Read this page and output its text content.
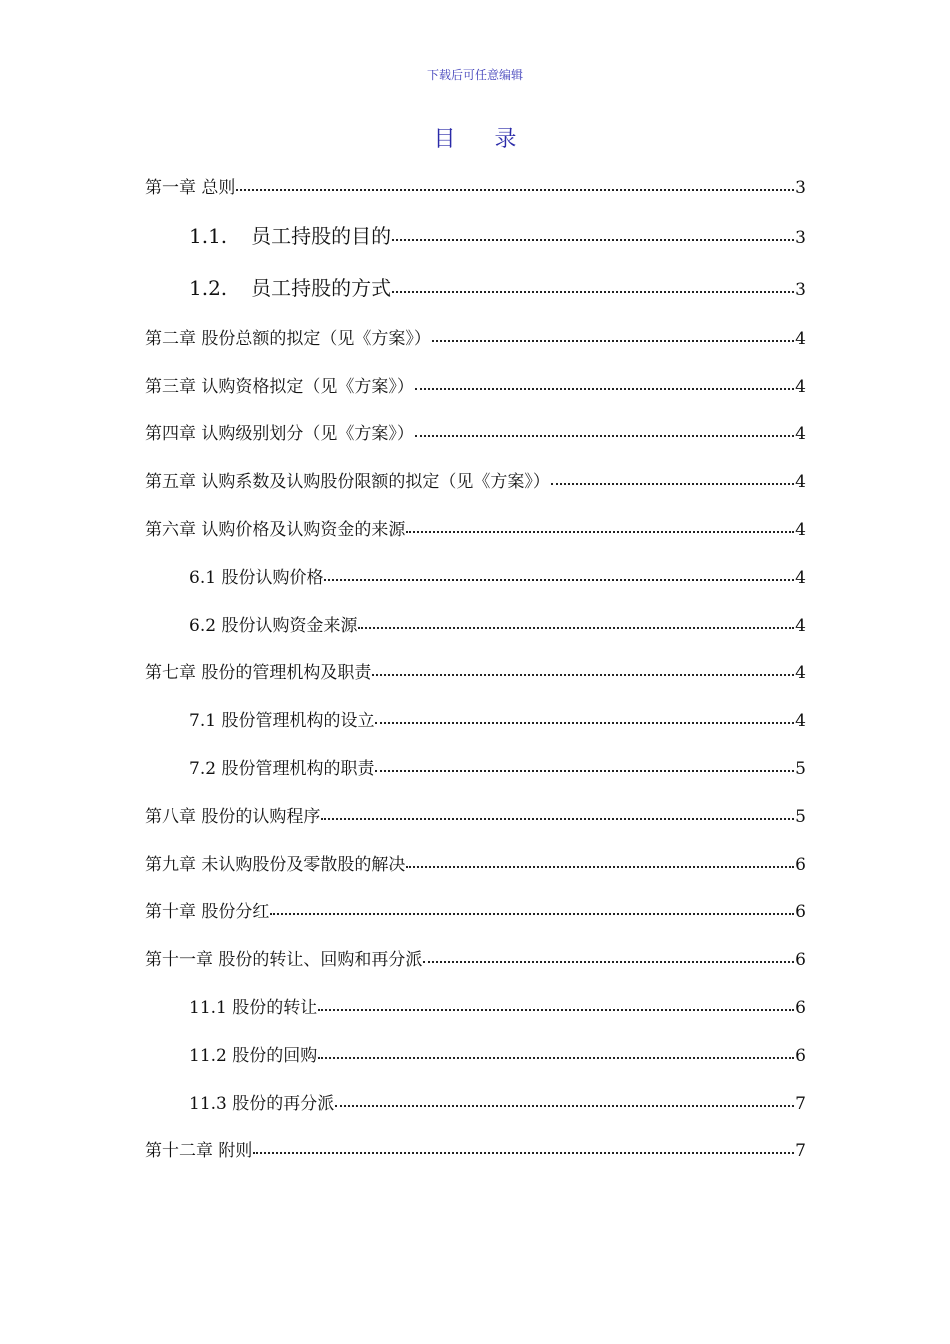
下载后可任意编辑
目 录
第一章 总则	3
1.1. 员工持股的目的	3
1.2. 员工持股的方式	3
第二章 股份总额的拟定（见《方案》）	4
第三章 认购资格拟定（见《方案》）	4
第四章 认购级别划分（见《方案》）	4
第五章 认购系数及认购股份限额的拟定（见《方案》）	4
第六章 认购价格及认购资金的来源	4
6.1 股份认购价格	4
6.2 股份认购资金来源	4
第七章 股份的管理机构及职责	4
7.1 股份管理机构的设立	4
7.2 股份管理机构的职责	5
第八章 股份的认购程序	5
第九章 未认购股份及零散股的解决	6
第十章 股份分红	6
第十一章 股份的转让、回购和再分派	6
11.1 股份的转让	6
11.2 股份的回购	6
11.3 股份的再分派	7
第十二章 附则	7
